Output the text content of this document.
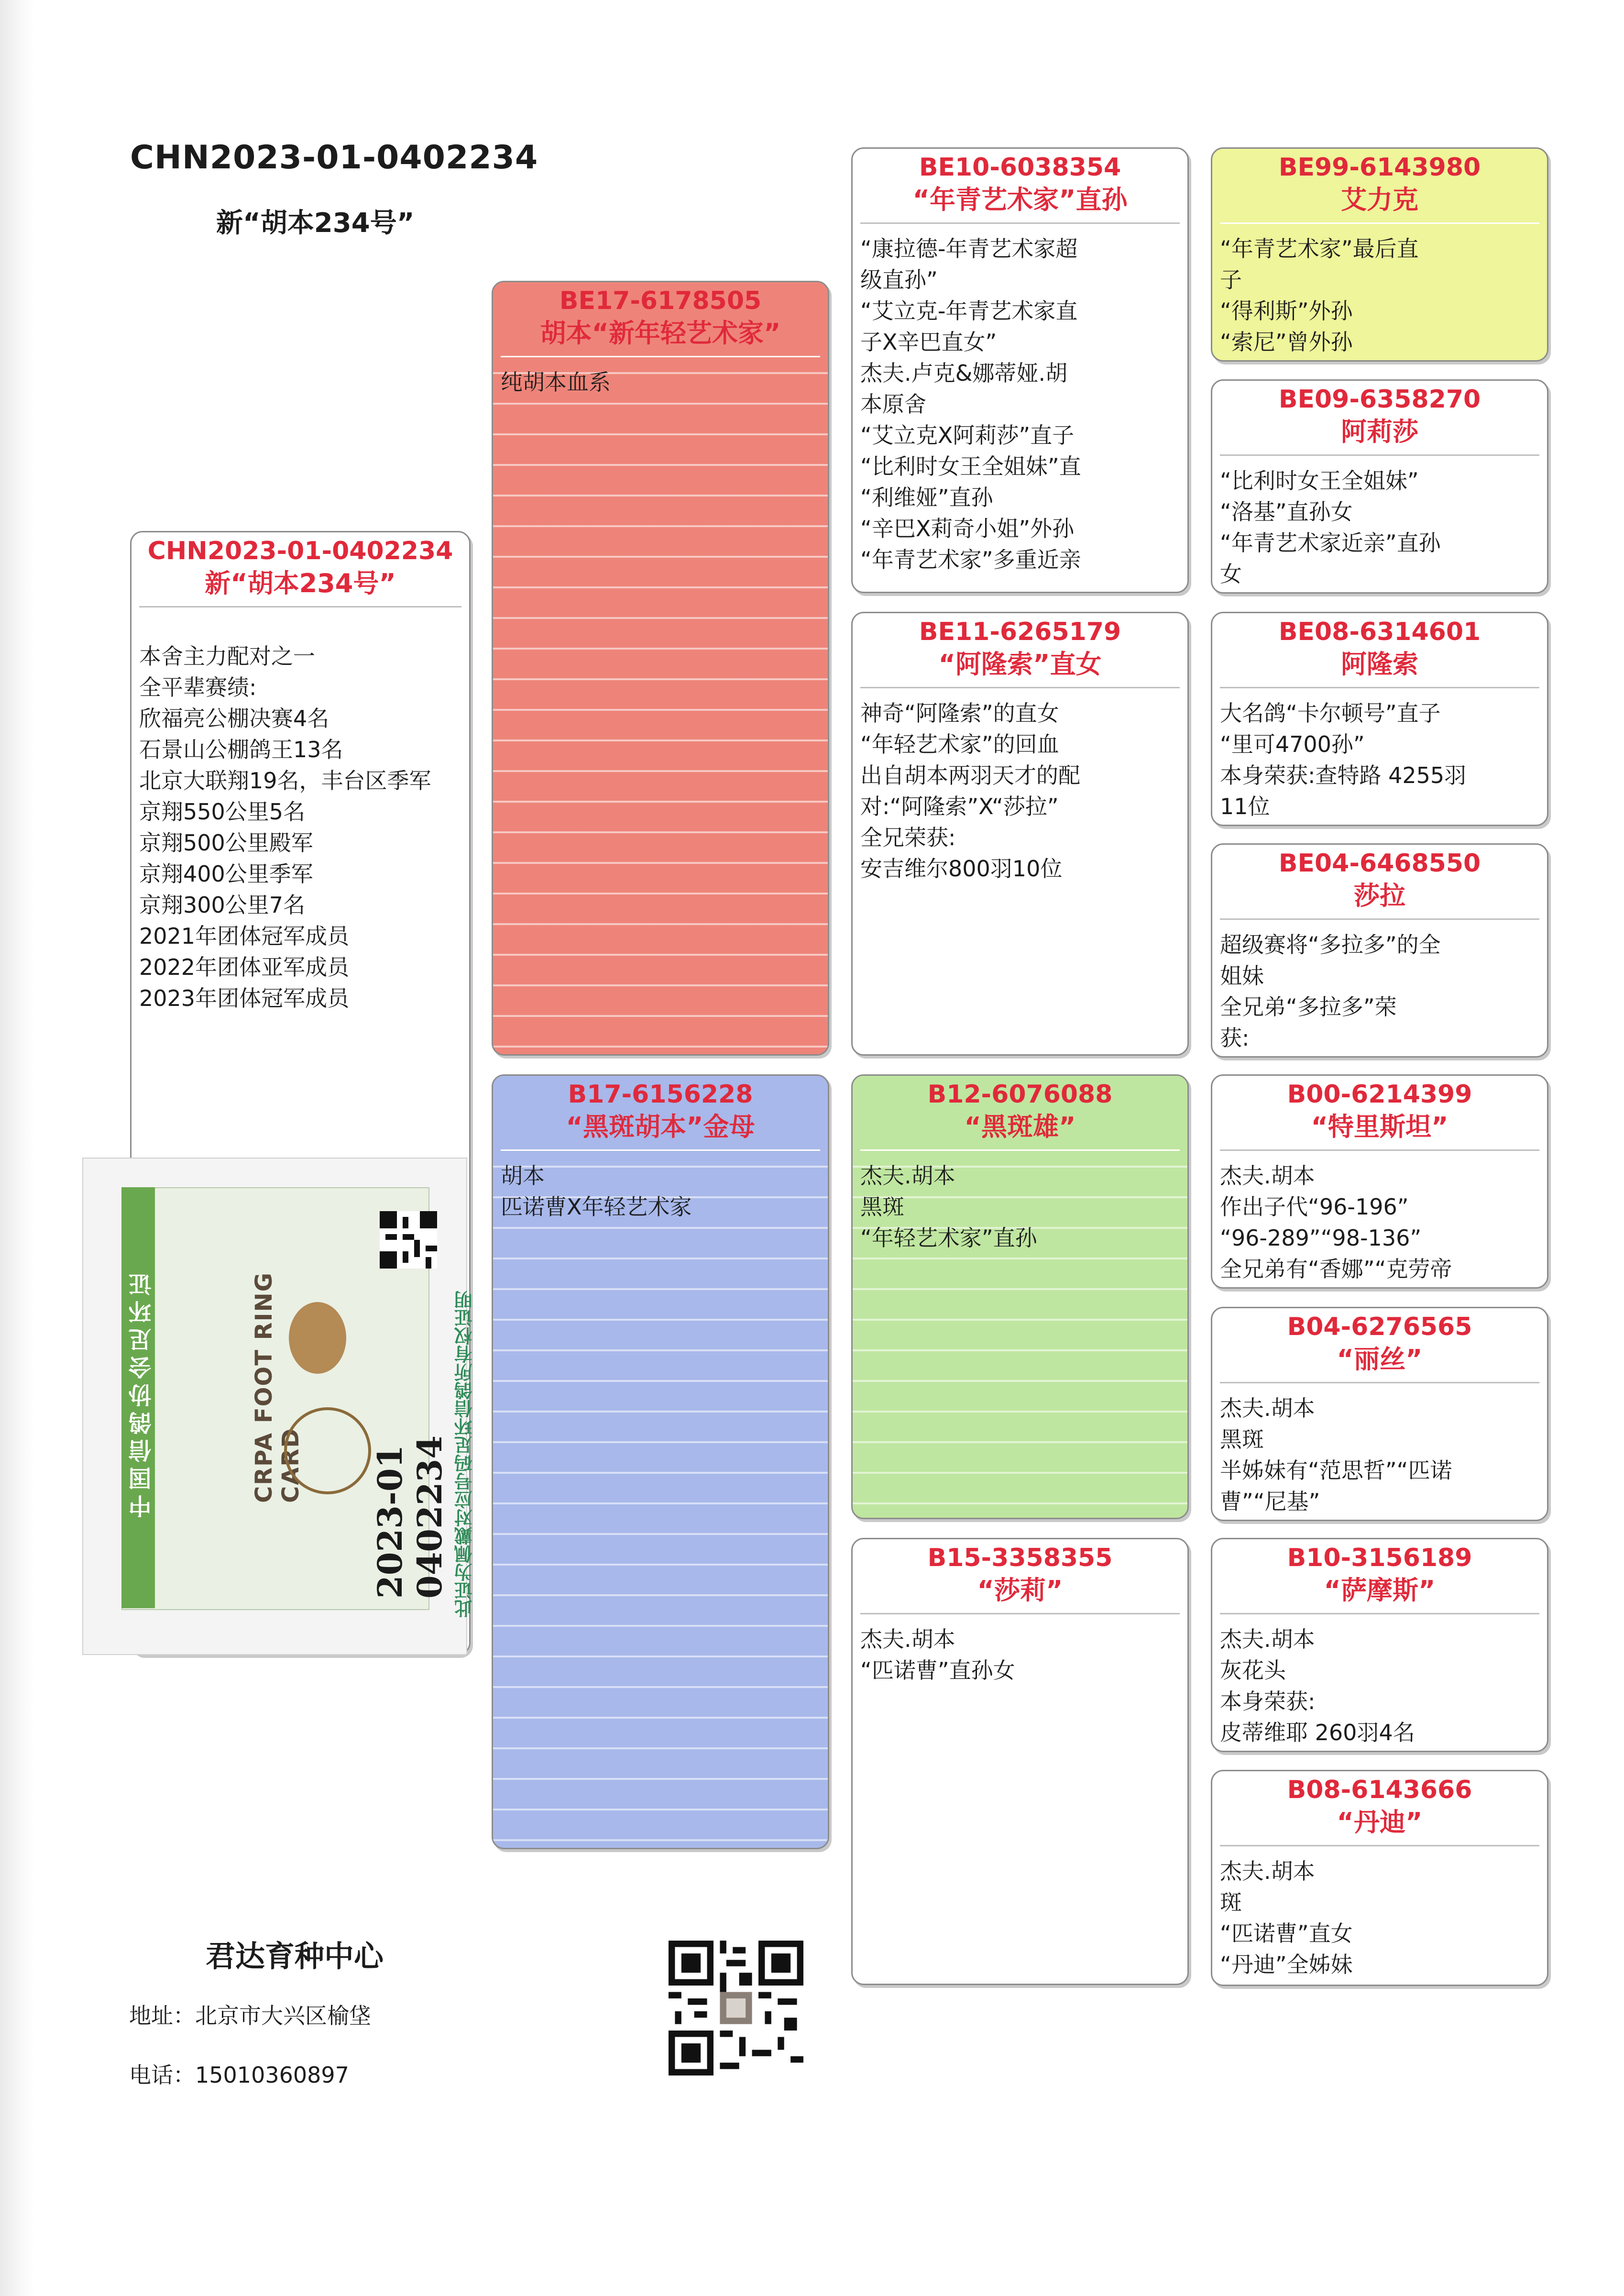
CHN2023-01-0402234
新“胡本234号”
CHN2023-01-0402234
新“胡本234号”
本舍主力配对之一
全平辈赛绩:
欣福亮公棚决赛4名
石景山公棚鸽王13名
北京大联翔19名，丰台区季军
京翔550公里5名
京翔500公里殿军
京翔400公里季军
京翔300公里7名
2021年团体冠军成员
2022年团体亚军成员
2023年团体冠军成员
中国信鸽协会足环证	CRPA FOOT RING CARD 2023-01 0402234 此证为佩戴对应号码足环信鸽所有权证明
BE17-6178505
胡本“新年轻艺术家”
纯胡本血系
B17-6156228
“黑斑胡本”金母
胡本
匹诺曹X年轻艺术家
BE10-6038354
“年青艺术家”直孙
“康拉德-年青艺术家超
级直孙”
“艾立克-年青艺术家直
子X辛巴直女”
杰夫.卢克&娜蒂娅.胡
本原舍
“艾立克X阿莉莎”直子
“比利时女王全姐妹”直
“利维娅”直孙
“辛巴X莉奇小姐”外孙
“年青艺术家”多重近亲
BE11-6265179
“阿隆索”直女
神奇“阿隆索”的直女
“年轻艺术家”的回血
出自胡本两羽天才的配
对:“阿隆索”X“莎拉”
全兄荣获:
安吉维尔800羽10位
B12-6076088
“黑斑雄”
杰夫.胡本
黑斑
“年轻艺术家”直孙
B15-3358355
“莎莉”
杰夫.胡本
“匹诺曹”直孙女
BE99-6143980
艾力克
“年青艺术家”最后直
子
“得利斯”外孙
“索尼”曾外孙
BE09-6358270
阿莉莎
“比利时女王全姐妹”
“洛基”直孙女
“年青艺术家近亲”直孙
女
BE08-6314601
阿隆索
大名鸽“卡尔顿号”直子
“里可4700孙”
本身荣获:查特路 4255羽
11位
BE04-6468550
莎拉
超级赛将“多拉多”的全
姐妹
全兄弟“多拉多”荣
获:
B00-6214399
“特里斯坦”
杰夫.胡本
作出子代“96-196”
“96-289”“98-136”
全兄弟有“香娜”“克劳帝
B04-6276565
“丽丝”
杰夫.胡本
黑斑
半姊妹有“范思哲”“匹诺
曹”“尼基”
B10-3156189
“萨摩斯”
杰夫.胡本
灰花头
本身荣获:
皮蒂维耶 260羽4名
B08-6143666
“丹迪”
杰夫.胡本
斑
“匹诺曹”直女
“丹迪”全姊妹
君达育种中心
地址：北京市大兴区榆垡
电话：15010360897
